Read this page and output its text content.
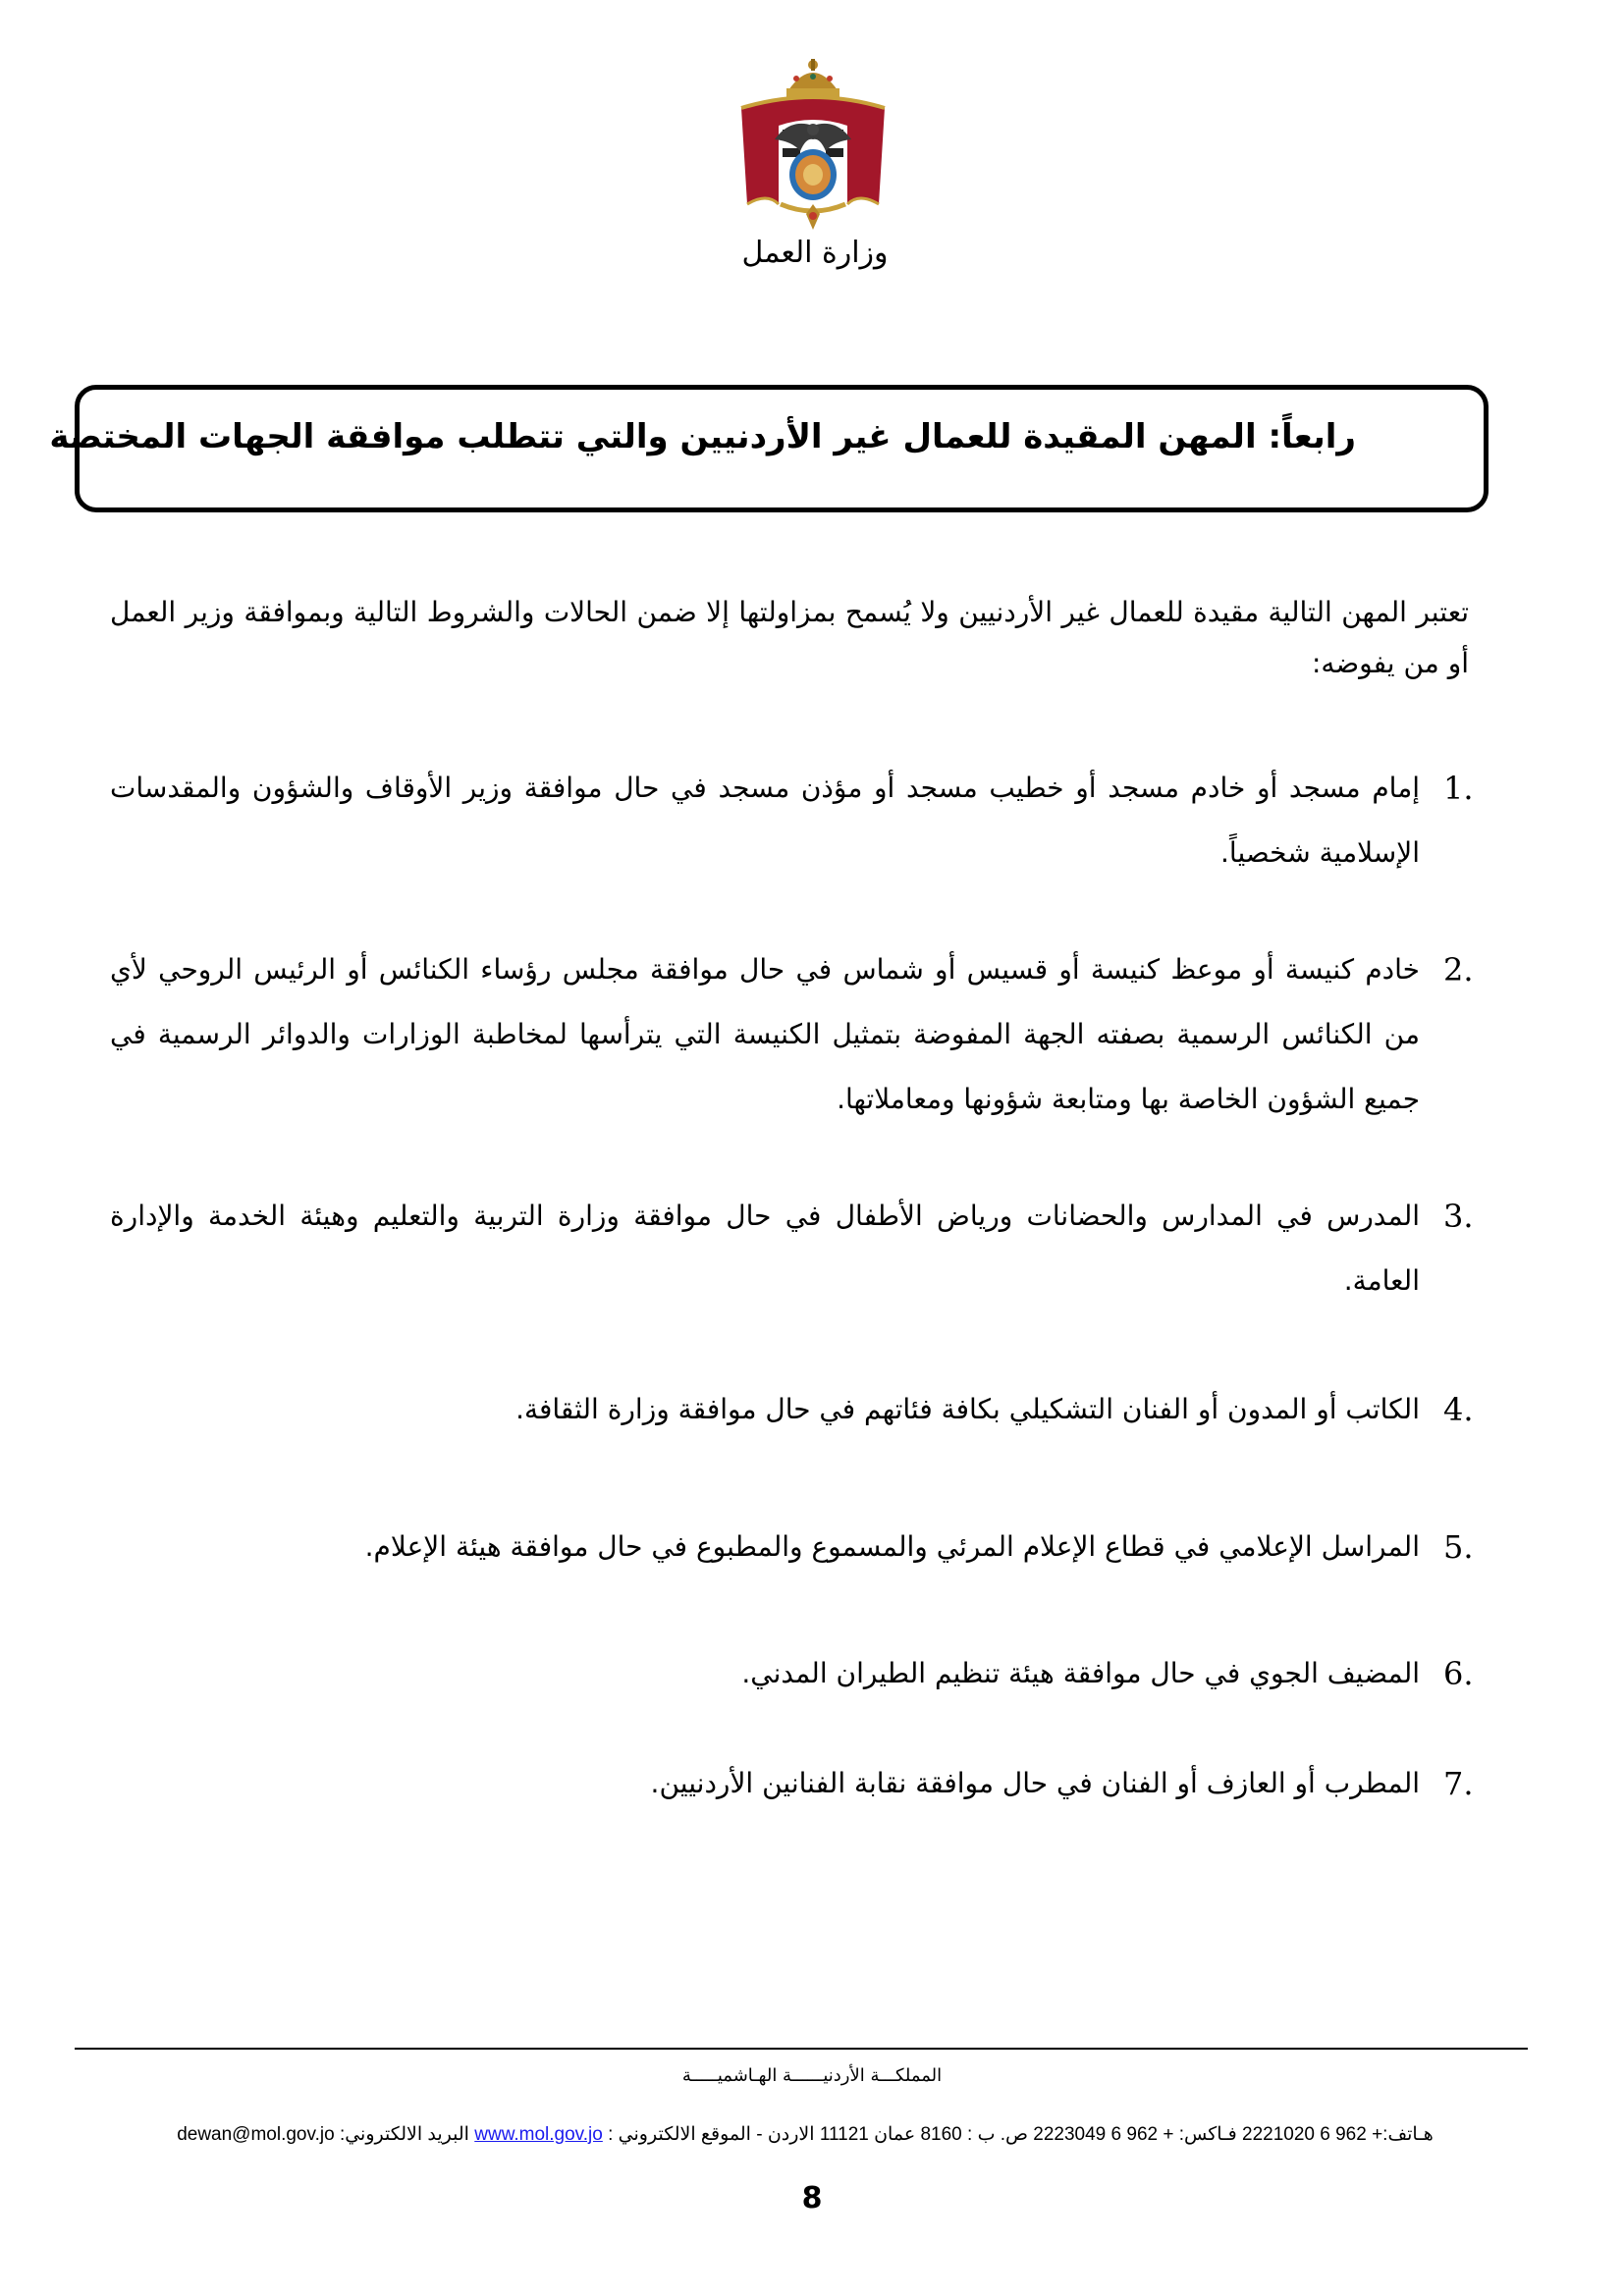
وزارة العمل
رابعاً: المهن المقيدة للعمال غير الأردنيين والتي تتطلب موافقة الجهات المختصة
تعتبر المهن التالية مقيدة للعمال غير الأردنيين ولا يُسمح بمزاولتها إلا ضمن الحالات والشروط التالية وبموافقة وزير العمل أو من يفوضه:
1.
إمام مسجد أو خادم مسجد أو خطيب مسجد أو مؤذن مسجد في حال موافقة وزير الأوقاف والشؤون والمقدسات الإسلامية شخصياً.
2.
خادم كنيسة أو موعظ كنيسة أو قسيس أو شماس في حال موافقة مجلس رؤساء الكنائس أو الرئيس الروحي لأي من الكنائس الرسمية بصفته الجهة المفوضة بتمثيل الكنيسة التي يترأسها لمخاطبة الوزارات والدوائر الرسمية في جميع الشؤون الخاصة بها ومتابعة شؤونها ومعاملاتها.
3.
المدرس في المدارس والحضانات ورياض الأطفال في حال موافقة وزارة التربية والتعليم وهيئة الخدمة والإدارة العامة.
4.
الكاتب أو المدون أو الفنان التشكيلي بكافة فئاتهم في حال موافقة وزارة الثقافة.
5.
المراسل الإعلامي في قطاع الإعلام المرئي والمسموع والمطبوع في حال موافقة هيئة الإعلام.
6.
المضيف الجوي في حال موافقة هيئة تنظيم الطيران المدني.
7.
المطرب أو العازف أو الفنان في حال موافقة نقابة الفنانين الأردنيين.
المملكـــة الأردنيــــــة الهـاشميـــــة
هـاتف:+ 962 6 2221020 فـاكس: + 962 6 2223049 ص. ب : 8160 عمان 11121 الاردن - الموقع الالكتروني : www.mol.gov.jo البريد الالكتروني: dewan@mol.gov.jo
8
